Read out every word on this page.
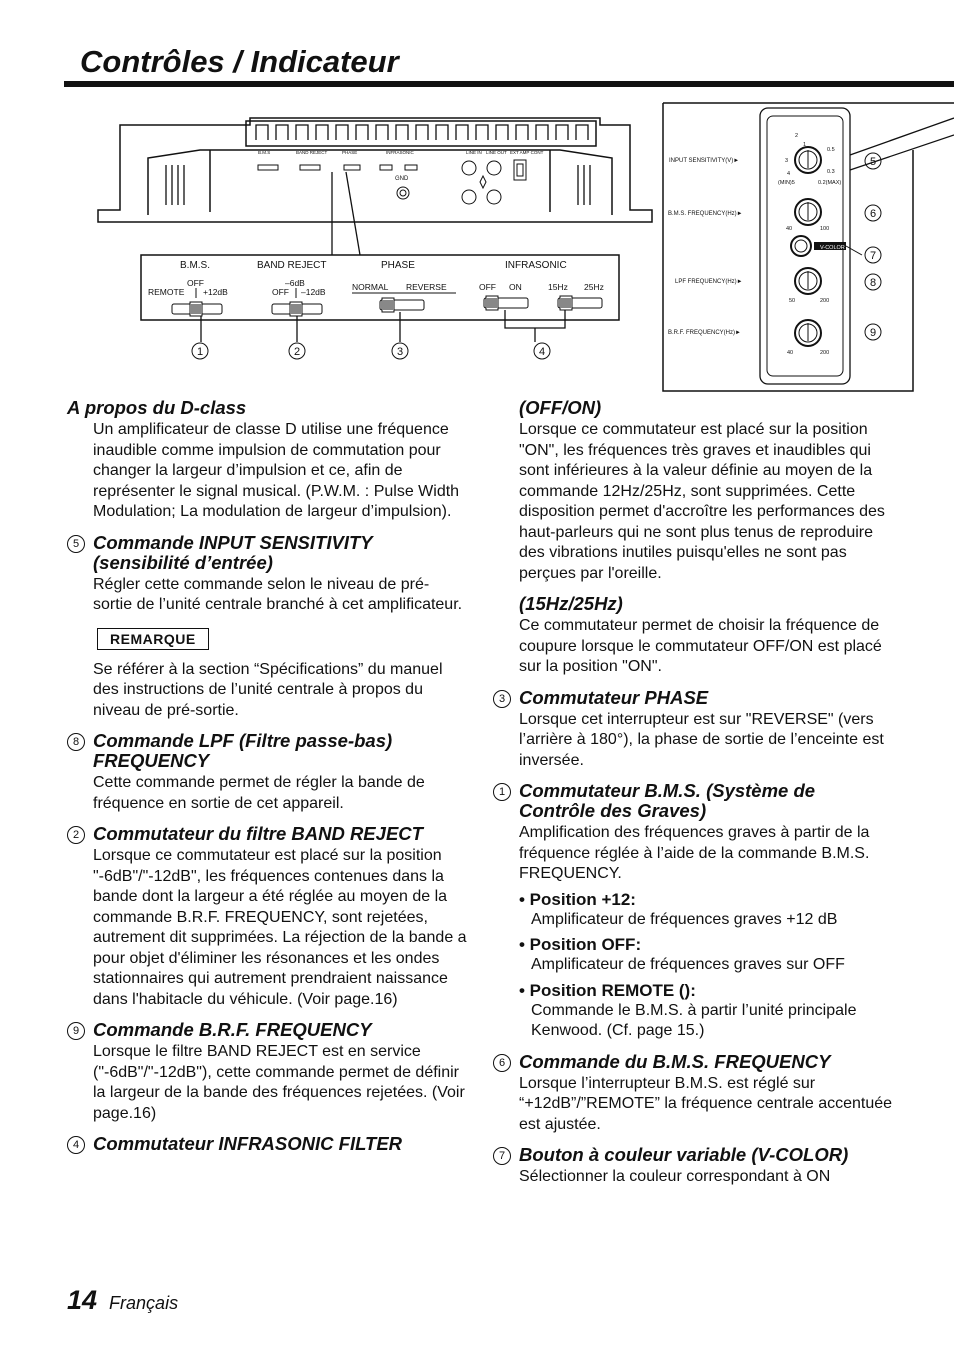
Contrôles / Indicateur
B.M.S	BAND REJECT	PHASE	INFRASONIC	LINE IN LINE OUT EXT AMP CONT
GND
B.M.S.	BAND REJECT	PHASE	INFRASONIC
OFF
REMOTE +12dB
–6dB
OFF –12dB	NORMAL REVERSE	OFF ON	15Hz 25Hz
1	2	3	4
INPUT SENSITIVITY(V)►
B.M.S. FREQUENCY(Hz)►
LPF FREQUENCY(Hz)►
B.R.F. FREQUENCY(Hz)►
2
1
0.5
0.3
3
4
(MIN)5	0.2(MAX)
40	100
50	200
40	200
V-COLOR
5
6
7
8
9
A propos du D-class

Un amplificateur de classe D utilise une fréquence inaudible comme impulsion de commutation pour changer la largeur d’impulsion et ce, afin de représenter le signal musical. (P.W.M. : Pulse Width Modulation; La modulation de largeur d’impulsion).

5 Commande INPUT SENSITIVITY (sensibilité d’entrée)

Régler cette commande selon le niveau de pré-sortie de l’unité centrale branché à cet amplificateur.

REMARQUE

Se référer à la section “Spécifications” du manuel des instructions de l’unité centrale à propos du niveau de pré-sortie.

8 Commande LPF (Filtre passe-bas) FREQUENCY

Cette commande permet de régler la bande de fréquence en sortie de cet appareil.

2 Commutateur du filtre BAND REJECT

Lorsque ce commutateur est placé sur la position "-6dB"/"-12dB", les fréquences contenues dans la bande dont la largeur a été réglée au moyen de la commande B.R.F. FREQUENCY, sont rejetées, autrement dit supprimées. La réjection de la bande a pour objet d'éliminer les résonances et les ondes stationnaires qui autrement prendraient naissance dans l'habitacle du véhicule. (Voir page.16)

9 Commande B.R.F. FREQUENCY

Lorsque le filtre BAND REJECT est en service ("-6dB"/"-12dB"), cette commande permet de définir la largeur de la bande des fréquences rejetées. (Voir page.16)

4 Commutateur INFRASONIC FILTER
(OFF/ON)

Lorsque ce commutateur est placé sur la position "ON", les fréquences très graves et inaudibles qui sont inférieures à la valeur définie au moyen de la commande 12Hz/25Hz, sont supprimées. Cette disposition permet d'accroître les performances des haut-parleurs qui ne sont plus tenus de reproduire des vibrations inutiles puisqu'elles ne sont pas perçues par l'oreille.

(15Hz/25Hz)

Ce commutateur permet de choisir la fréquence de coupure lorsque le commutateur OFF/ON est placé sur la position "ON".

3 Commutateur PHASE

Lorsque cet interrupteur est sur "REVERSE" (vers l’arrière à 180°), la phase de sortie de l’enceinte est inversée.

1 Commutateur B.M.S. (Système de Contrôle des Graves)

Amplification des fréquences graves à partir de la fréquence réglée à l’aide de la commande B.M.S. FREQUENCY.

• Position +12:
Amplificateur de fréquences graves +12 dB
• Position OFF:
Amplificateur de fréquences graves sur OFF
• Position REMOTE ():
Commande le B.M.S. à partir l’unité principale Kenwood. (Cf. page 15.)
6 Commande du B.M.S. FREQUENCY

Lorsque l’interrupteur B.M.S. est réglé sur “+12dB”/”REMOTE” la fréquence centrale accentuée est ajustée.

7 Bouton à couleur variable (V-COLOR)

Sélectionner la couleur correspondant à ON

14 Français
